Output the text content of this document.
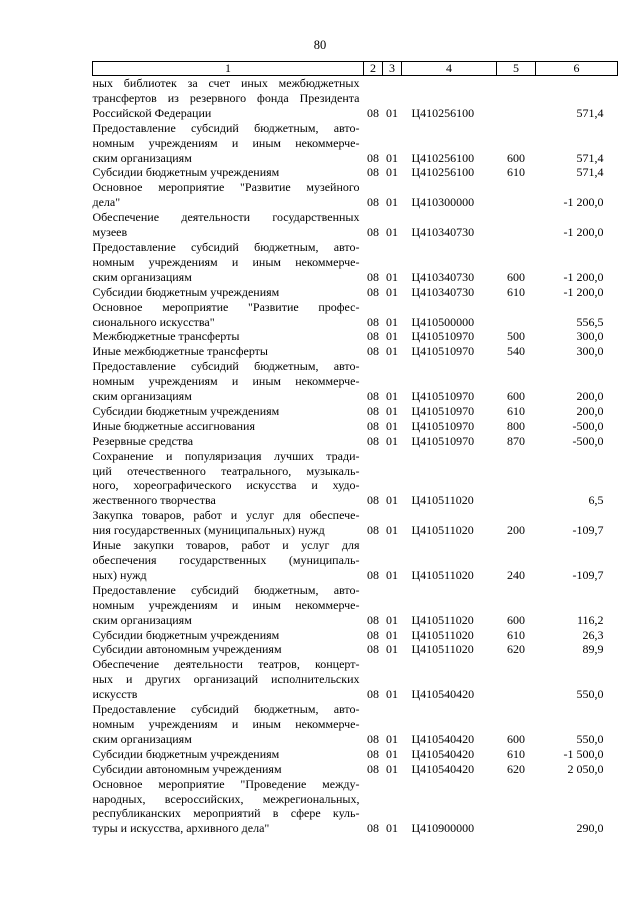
80
1	2	3	4	5	6

ных библиотек за счет иных межбюджетных
трансфертов из резервного фонда Президента
Российской Федерации	08	01	Ц410256100		571,4

Предоставление субсидий бюджетным, авто-
номным учреждениям и иным некоммерче-
ским организациям	08	01	Ц410256100	600	571,4

Субсидии бюджетным учреждениям	08	01	Ц410256100	610	571,4

Основное мероприятие "Развитие музейного
дела"	08	01	Ц410300000		-1 200,0

Обеспечение деятельности государственных
музеев	08	01	Ц410340730		-1 200,0

Предоставление субсидий бюджетным, авто-
номным учреждениям и иным некоммерче-
ским организациям	08	01	Ц410340730	600	-1 200,0

Субсидии бюджетным учреждениям	08	01	Ц410340730	610	-1 200,0

Основное мероприятие "Развитие профес-
сионального искусства"	08	01	Ц410500000		556,5

Межбюджетные трансферты	08	01	Ц410510970	500	300,0

Иные межбюджетные трансферты	08	01	Ц410510970	540	300,0

Предоставление субсидий бюджетным, авто-
номным учреждениям и иным некоммерче-
ским организациям	08	01	Ц410510970	600	200,0

Субсидии бюджетным учреждениям	08	01	Ц410510970	610	200,0

Иные бюджетные ассигнования	08	01	Ц410510970	800	-500,0

Резервные средства	08	01	Ц410510970	870	-500,0

Сохранение и популяризация лучших тради-
ций отечественного театрального, музыкаль-
ного, хореографического искусства и худо-
жественного творчества	08	01	Ц410511020		6,5

Закупка товаров, работ и услуг для обеспече-
ния государственных (муниципальных) нужд	08	01	Ц410511020	200	-109,7

Иные закупки товаров, работ и услуг для
обеспечения государственных (муниципаль-
ных) нужд	08	01	Ц410511020	240	-109,7

Предоставление субсидий бюджетным, авто-
номным учреждениям и иным некоммерче-
ским организациям	08	01	Ц410511020	600	116,2

Субсидии бюджетным учреждениям	08	01	Ц410511020	610	26,3

Субсидии автономным учреждениям	08	01	Ц410511020	620	89,9

Обеспечение деятельности театров, концерт-
ных и других организаций исполнительских
искусств	08	01	Ц410540420		550,0

Предоставление субсидий бюджетным, авто-
номным учреждениям и иным некоммерче-
ским организациям	08	01	Ц410540420	600	550,0

Субсидии бюджетным учреждениям	08	01	Ц410540420	610	-1 500,0

Субсидии автономным учреждениям	08	01	Ц410540420	620	2 050,0

Основное мероприятие "Проведение между-
народных, всероссийских, межрегиональных,
республиканских мероприятий в сфере куль-
туры и искусства, архивного дела"	08	01	Ц410900000		290,0
